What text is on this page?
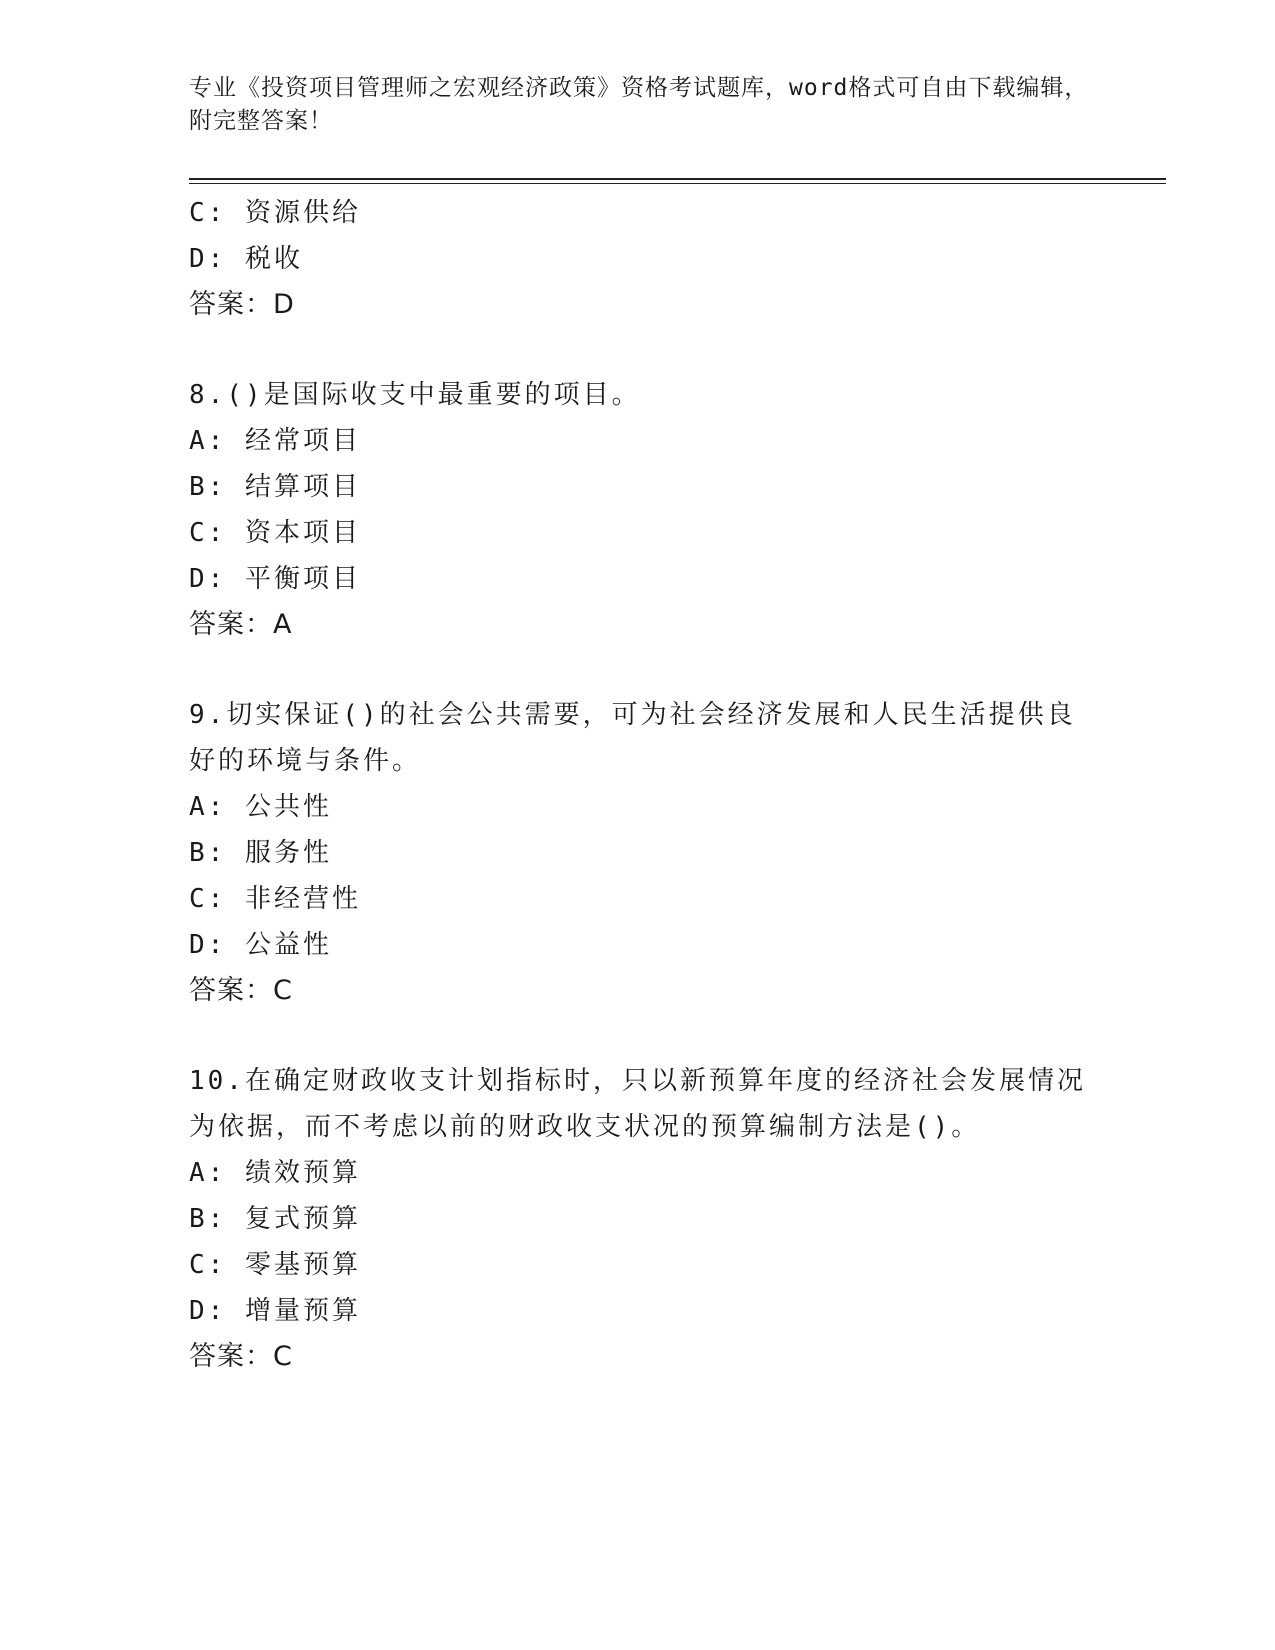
专业《投资项目管理师之宏观经济政策》资格考试题库，word格式可自由下载编辑，附完整答案！
C: 资源供给
D: 税收
答案：D
8.()是国际收支中最重要的项目。
A: 经常项目
B: 结算项目
C: 资本项目
D: 平衡项目
答案：A
9.切实保证()的社会公共需要，可为社会经济发展和人民生活提供良好的环境与条件。
A: 公共性
B: 服务性
C: 非经营性
D: 公益性
答案：C
10.在确定财政收支计划指标时，只以新预算年度的经济社会发展情况为依据，而不考虑以前的财政收支状况的预算编制方法是()。
A: 绩效预算
B: 复式预算
C: 零基预算
D: 增量预算
答案：C
